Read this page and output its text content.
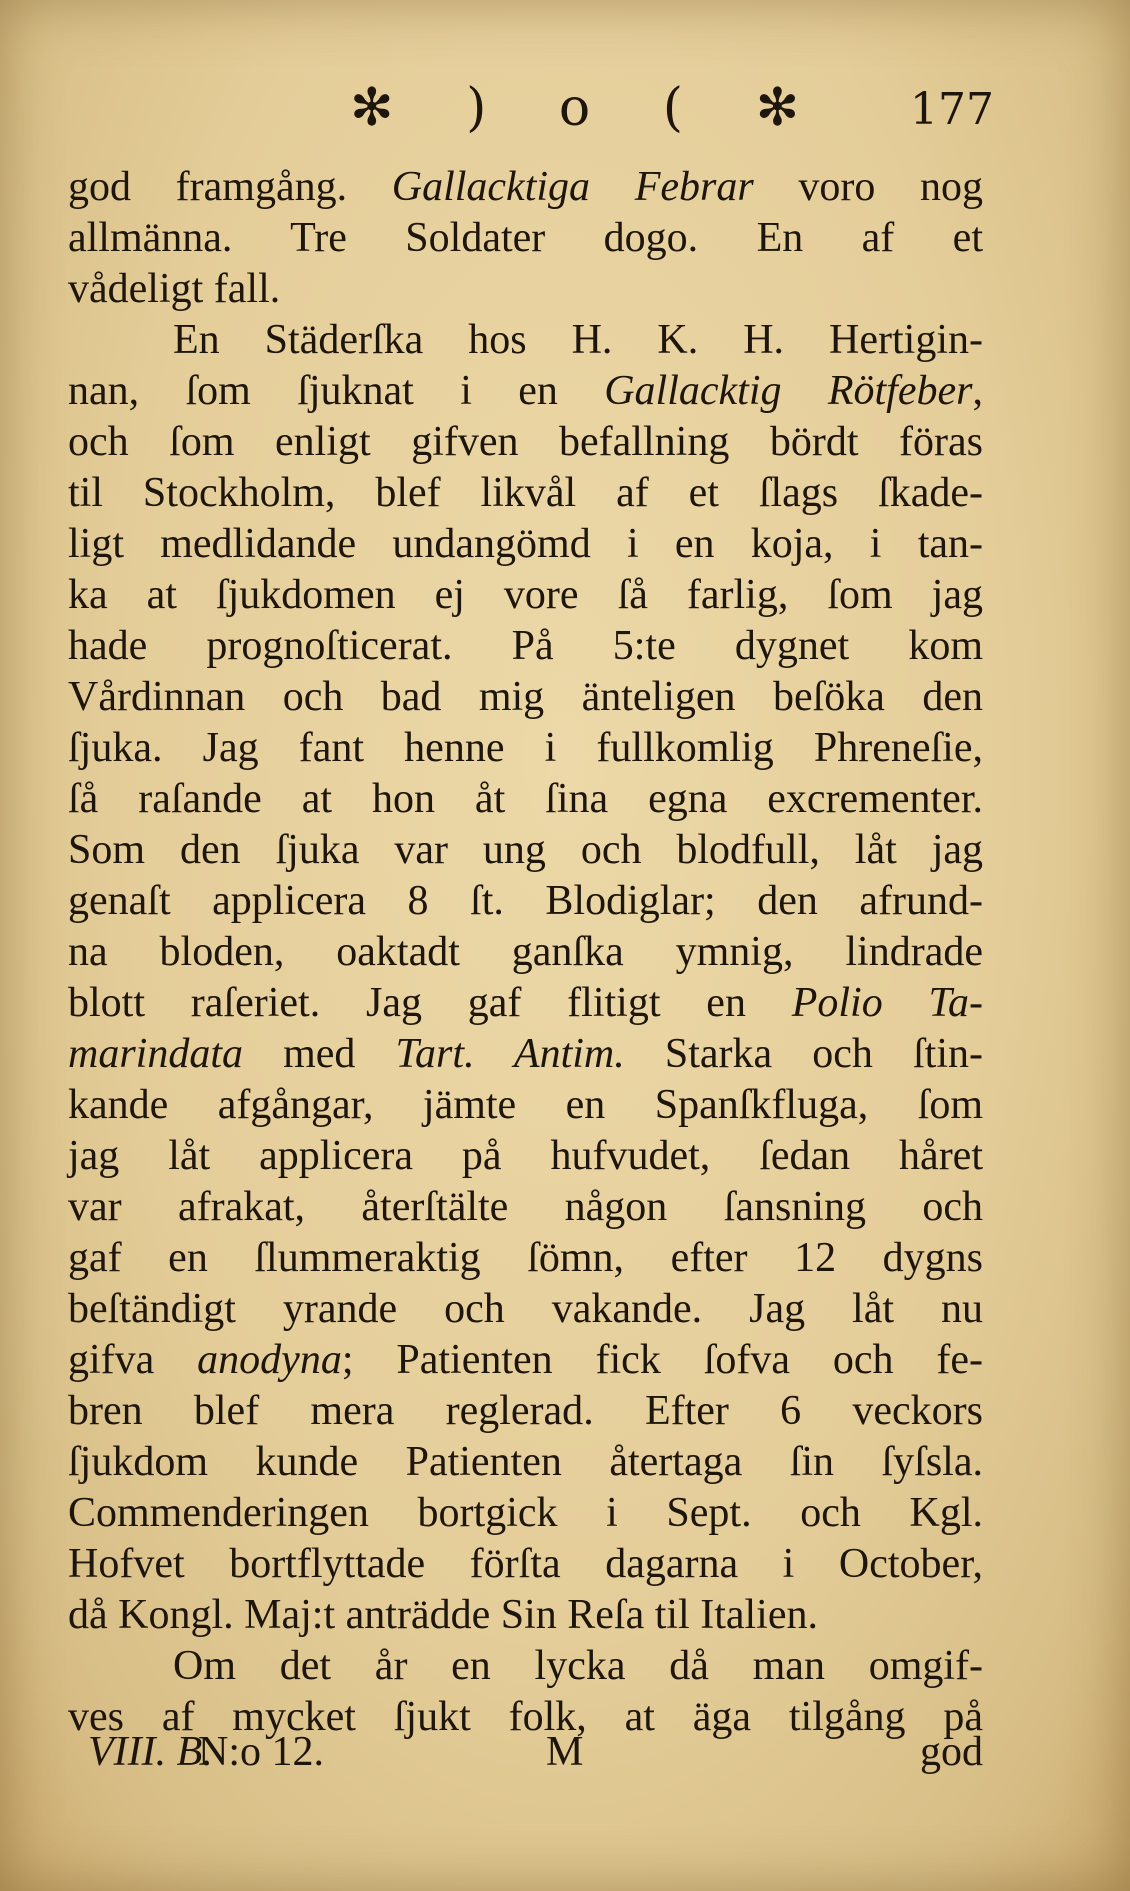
✻ ) o ( ✻ 177
god framgång. Gallacktiga Febrar voro nog
allmänna. Tre Soldater dogo. En af et
vådeligt fall.
En Städerſka hos H. K. H. Hertigin-
nan, ſom ſjuknat i en Gallacktig Rötfeber,
och ſom enligt gifven befallning bördt föras
til Stockholm, blef likvål af et ſlags ſkade-
ligt medlidande undangömd i en koja, i tan-
ka at ſjukdomen ej vore ſå farlig, ſom jag
hade prognoſticerat. På 5:te dygnet kom
Vårdinnan och bad mig änteligen beſöka den
ſjuka. Jag fant henne i fullkomlig Phreneſie,
ſå raſande at hon åt ſina egna excrementer.
Som den ſjuka var ung och blodfull, låt jag
genaſt applicera 8 ſt. Blodiglar; den afrund-
na bloden, oaktadt ganſka ymnig, lindrade
blott raſeriet. Jag gaf flitigt en Polio Ta-
marindata med Tart. Antim. Starka och ſtin-
kande afgångar, jämte en Spanſkfluga, ſom
jag låt applicera på hufvudet, ſedan håret
var afrakat, återſtälte någon ſansning och
gaf en ſlummeraktig ſömn, efter 12 dygns
beſtändigt yrande och vakande. Jag låt nu
gifva anodyna; Patienten fick ſofva och fe-
bren blef mera reglerad. Efter 6 veckors
ſjukdom kunde Patienten återtaga ſin ſyſsla.
Commenderingen bortgick i Sept. och Kgl.
Hofvet bortflyttade förſta dagarna i October,
då Kongl. Maj:t anträdde Sin Reſa til Italien.
Om det år en lycka då man omgif-
ves af mycket ſjukt folk, at äga tilgång på
VIII. B.
N:o 12.	M	god
